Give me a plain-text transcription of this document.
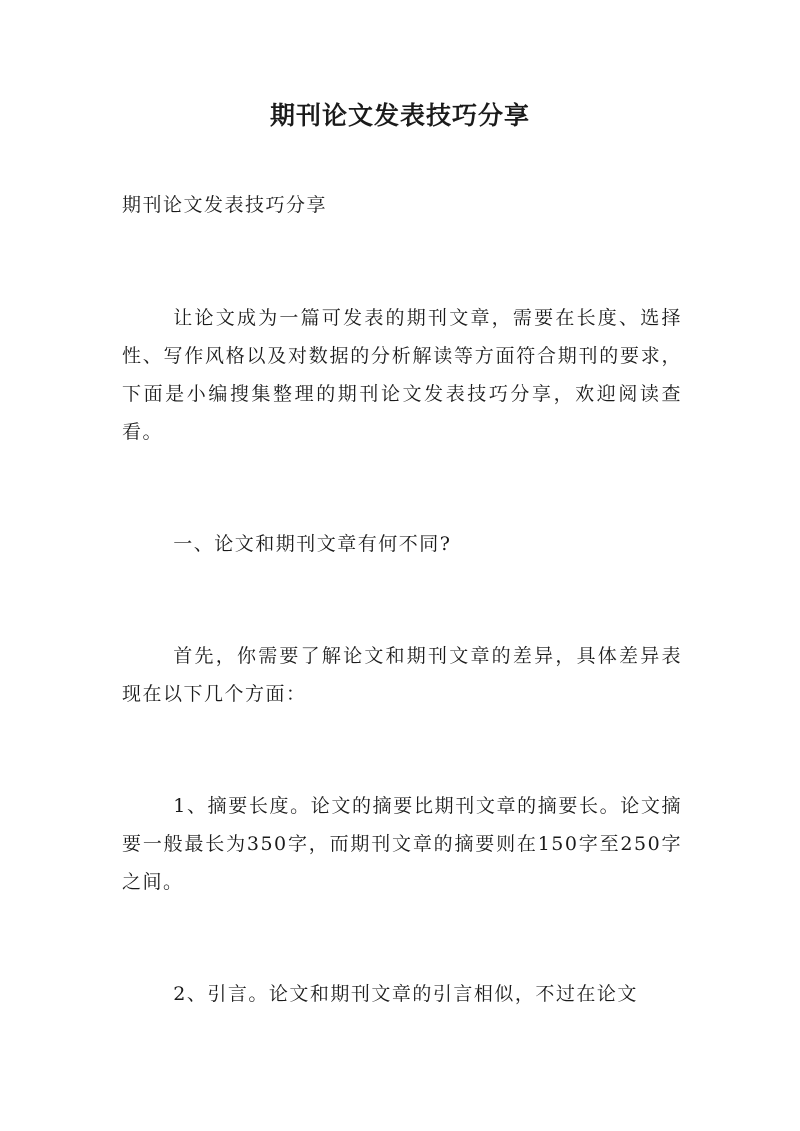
期刊论文发表技巧分享

期刊论文发表技巧分享

让论文成为一篇可发表的期刊文章，需要在长度、选择性、写作风格以及对数据的分析解读等方面符合期刊的要求，下面是小编搜集整理的期刊论文发表技巧分享，欢迎阅读查看。

一、论文和期刊文章有何不同?

首先，你需要了解论文和期刊文章的差异，具体差异表现在以下几个方面：

1、摘要长度。论文的摘要比期刊文章的摘要长。论文摘要一般最长为350字，而期刊文章的摘要则在150字至250字之间。

2、引言。论文和期刊文章的引言相似，不过在论文
